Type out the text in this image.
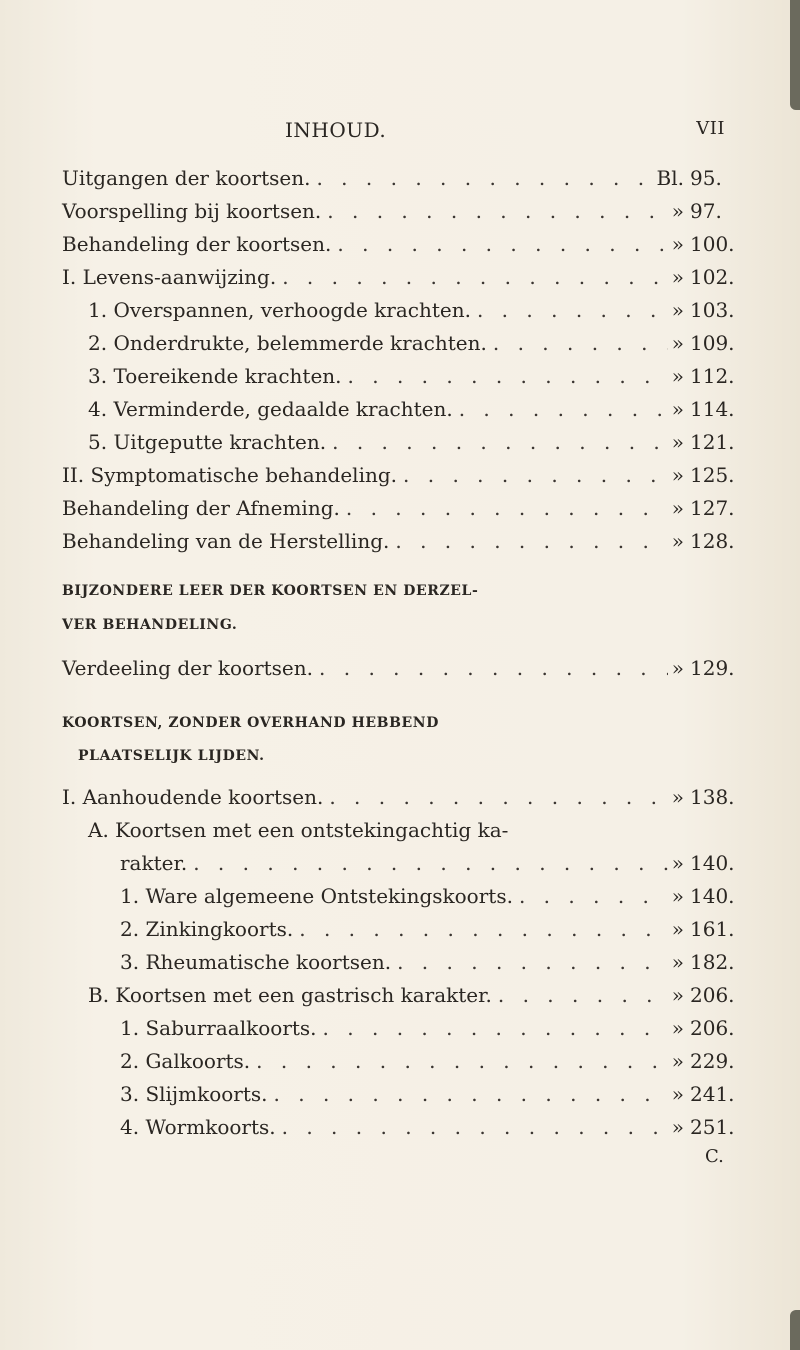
INHOUD.	VII
Uitgangen der koortsen. . . .	Bl. 95.
Voorspelling bij koortsen. . . .	» 97.
Behandeling der koortsen. . . .	» 100.
I. Levens-aanwijzing. . . .	» 102.
1. Overspannen, verhoogde krachten. . . .	» 103.
2. Onderdrukte, belemmerde krachten. . . .	» 109.
3. Toereikende krachten. . . .	» 112.
4. Verminderde, gedaalde krachten. . . .	» 114.
5. Uitgeputte krachten. . . .	» 121.
II. Symptomatische behandeling. . . .	» 125.
Behandeling der Afneming. . . .	» 127.
Behandeling van de Herstelling. . . .	» 128.
BIJZONDERE LEER DER KOORTSEN EN DERZEL-
VER BEHANDELING.
Verdeeling der koortsen. . . .	» 129.
KOORTSEN, ZONDER OVERHAND HEBBEND
PLAATSELIJK LIJDEN.
I. Aanhoudende koortsen. . . .	» 138.
A. Koortsen met een ontstekingachtig ka-
rakter. . . .	» 140.
1. Ware algemeene Ontstekingskoorts. . . .	» 140.
2. Zinkingkoorts. . . .	» 161.
3. Rheumatische koortsen. . . .	» 182.
B. Koortsen met een gastrisch karakter. . . .	» 206.
1. Saburraalkoorts. . . .	» 206.
2. Galkoorts. . . .	» 229.
3. Slijmkoorts. . . .	» 241.
4. Wormkoorts. . . .	» 251.
C.
